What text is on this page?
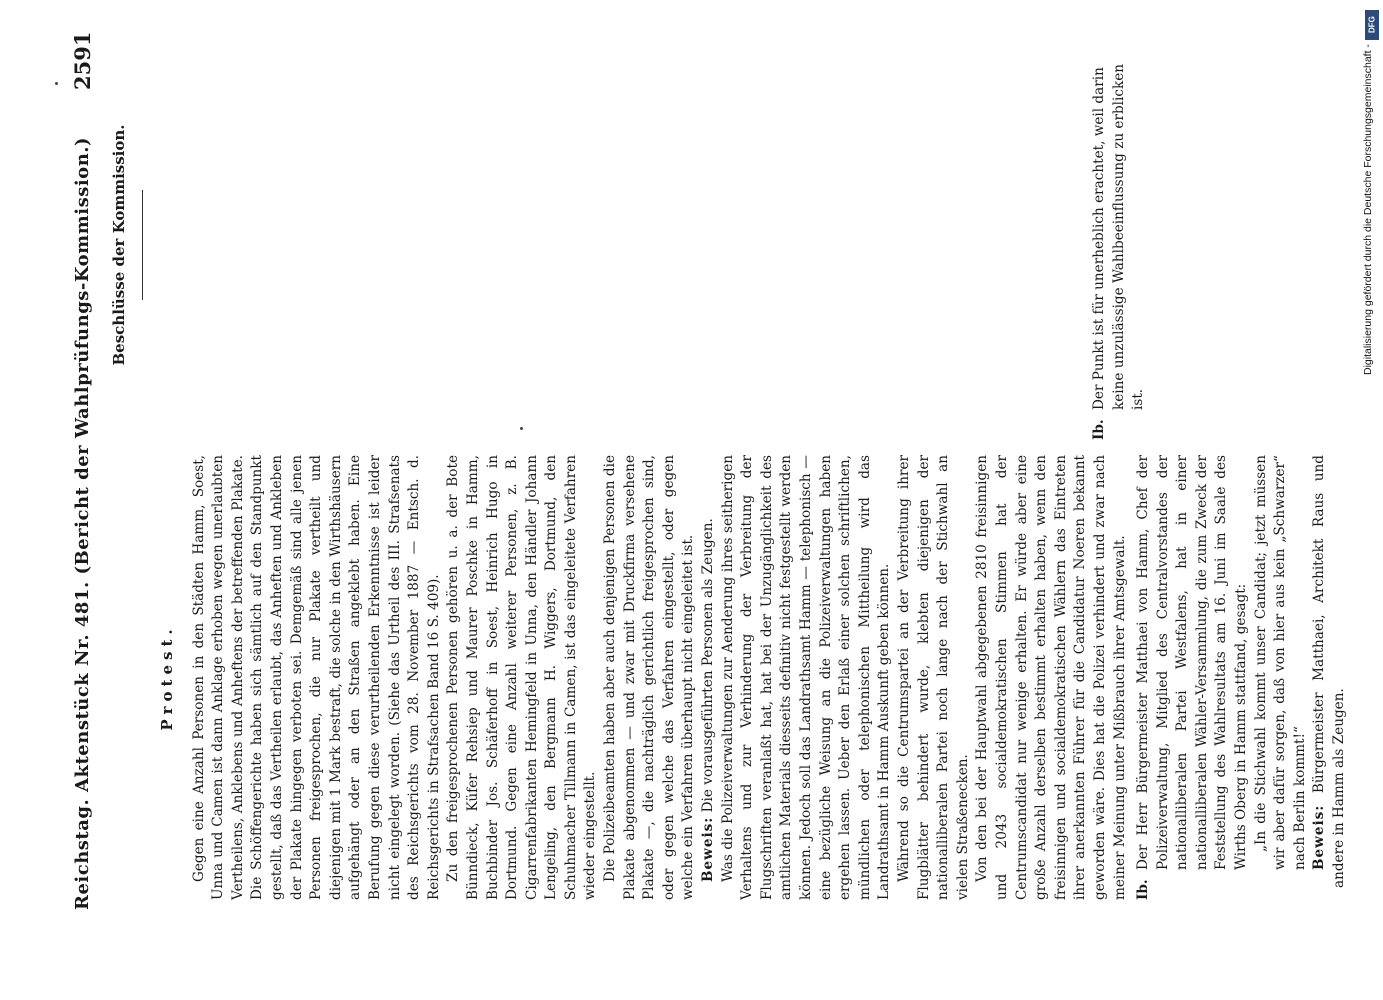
Reichstag. Aktenstück Nr. 481. (Bericht der Wahlprüfungs-Kommission.)
2591
Protest. Gegen eine Anzahl Personen in den Städten Hamm, Soest, Unna und Camen ist dann Anklage erhoben wegen unerlaubten Vertheilens, Anklebens und Anheftens der betreffenden Plakate. Die Schöffengerichte haben sich sämtlich auf den Standpunkt gestellt, daß das Vertheilen erlaubt, das Anheften und Ankleben der Plakate hingegen verboten sei. Demgemäß sind alle jenen Personen freigesprochen, die nur Plakate vertheilt und diejenigen mit 1 Mark bestraft, die solche in den Wirthshäusern aufgehängt oder an den Straßen angeklebt haben. Eine Berufung gegen diese verurtheilenden Erkenntnisse ist leider nicht eingelegt worden. (Siehe das Urtheil des III. Strafsenats des Reichsgerichts vom 28. November 1887 — Entsch. d. Reichsgerichts in Strafsachen Band 16 S. 409). Zu den freigesprochenen Personen gehören u. a. der Bote Bünndieck, Küfer Rehsiep und Maurer Poschke in Hamm, Buchbinder Jos. Schäferhoff in Soest, Heinrich Hugo in Dortmund. Gegen eine Anzahl weiterer Personen, z. B. Cigarrenfabrikanten Hemingfeld in Unna, den Händler Johann Lengeling, den Bergmann H. Wiggers, Dortmund, den Schuhmacher Tillmann in Camen, ist das eingeleitete Verfahren wieder eingestellt. Die Polizeibeamten haben aber auch denjenigen Personen die Plakate abgenommen — und zwar mit Druckfirma versehene Plakate —, die nachträglich gerichtlich freigesprochen sind, oder gegen welche das Verfahren eingestellt, oder gegen welche ein Verfahren überhaupt nicht eingeleitet ist. Beweis: Die vorausgeführten Personen als Zeugen. Was die Polizeiverwaltungen zur Aenderung ihres seitherigen Verhaltens und zur Verhinderung der Verbreitung der Flugschriften veranlaßt hat, hat bei der Unzugänglichkeit des amtlichen Materials diesseits definitiv nicht festgestellt werden können. Jedoch soll das Landrathsamt Hamm — telephonisch — eine bezügliche Weisung an die Polizeiverwaltungen haben ergehen lassen. Ueber den Erlaß einer solchen schriftlichen, mündlichen oder telephonischen Mittheilung wird das Landrathsamt in Hamm Auskunft geben können. Während so die Centrumspartei an der Verbreitung ihrer Flugblätter behindert wurde, klebten diejenigen der nationalliberalen Partei noch lange nach der Stichwahl an vielen Straßenecken. Von den bei der Hauptwahl abgegebenen 2810 freisinnigen und 2043 socialdemokratischen Stimmen hat der Centrumscandidat nur wenige erhalten. Er würde aber eine große Anzahl derselben bestimmt erhalten haben, wenn den freisinnigen und socialdemokratischen Wählern das Eintreten ihrer anerkannten Führer für die Candidatur Noeren bekannt geworden wäre. Dies hat die Polizei verhindert und zwar nach meiner Meinung unter Mißbrauch ihrer Amtsgewalt. Ib.
Der Herr Bürgermeister Matthaei von Hamm, Chef der Polizeiverwaltung, Mitglied des Centralvorstandes der nationalliberalen Partei Westfalens, hat in einer nationalliberalen Wähler-Versammlung, die zum Zweck der Feststellung des Wahlresultats am 16. Juni im Saale des Wirths Oberg in Hamm stattfand, gesagt: „In die Stichwahl kommt unser Candidat; jetzt müssen wir aber dafür sorgen, daß von hier aus kein „Schwarzer“ nach Berlin kommt!“ Beweis: Bürgermeister Matthaei, Architekt Raus und andere in Hamm als Zeugen.

Beschlüsse der Kommission.
Ib.
Der Punkt ist für unerheblich erachtet, weil darin keine unzulässige Wahlbeeinflussung zu erblicken ist.
DFG
Digitalisierung gefördert durch die Deutsche Forschungsgemeinschaft -
